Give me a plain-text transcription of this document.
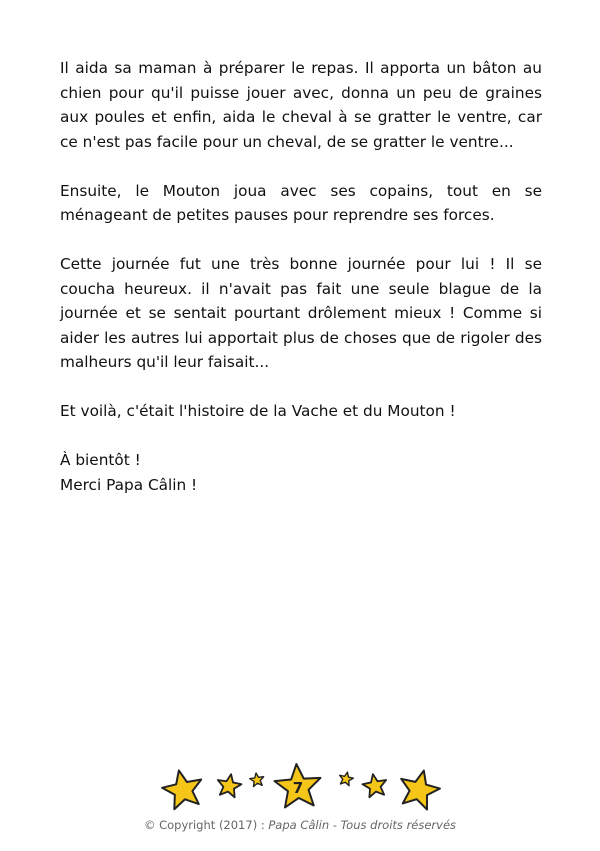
Il aida sa maman à préparer le repas. Il apporta un bâton au chien pour qu'il puisse jouer avec, donna un peu de graines aux poules et enfin, aida le cheval à se gratter le ventre, car ce n'est pas facile pour un cheval, de se gratter le ventre...

Ensuite, le Mouton joua avec ses copains, tout en se ménageant de petites pauses pour reprendre ses forces.

Cette journée fut une très bonne journée pour lui ! Il se coucha heureux. il n'avait pas fait une seule blague de la journée et se sentait pourtant drôlement mieux ! Comme si aider les autres lui apportait plus de choses que de rigoler des malheurs qu'il leur faisait...

Et voilà, c'était l'histoire de la Vache et du Mouton !

À bientôt !
Merci Papa Câlin !
7
© Copyright (2017) : Papa Câlin - Tous droits réservés
